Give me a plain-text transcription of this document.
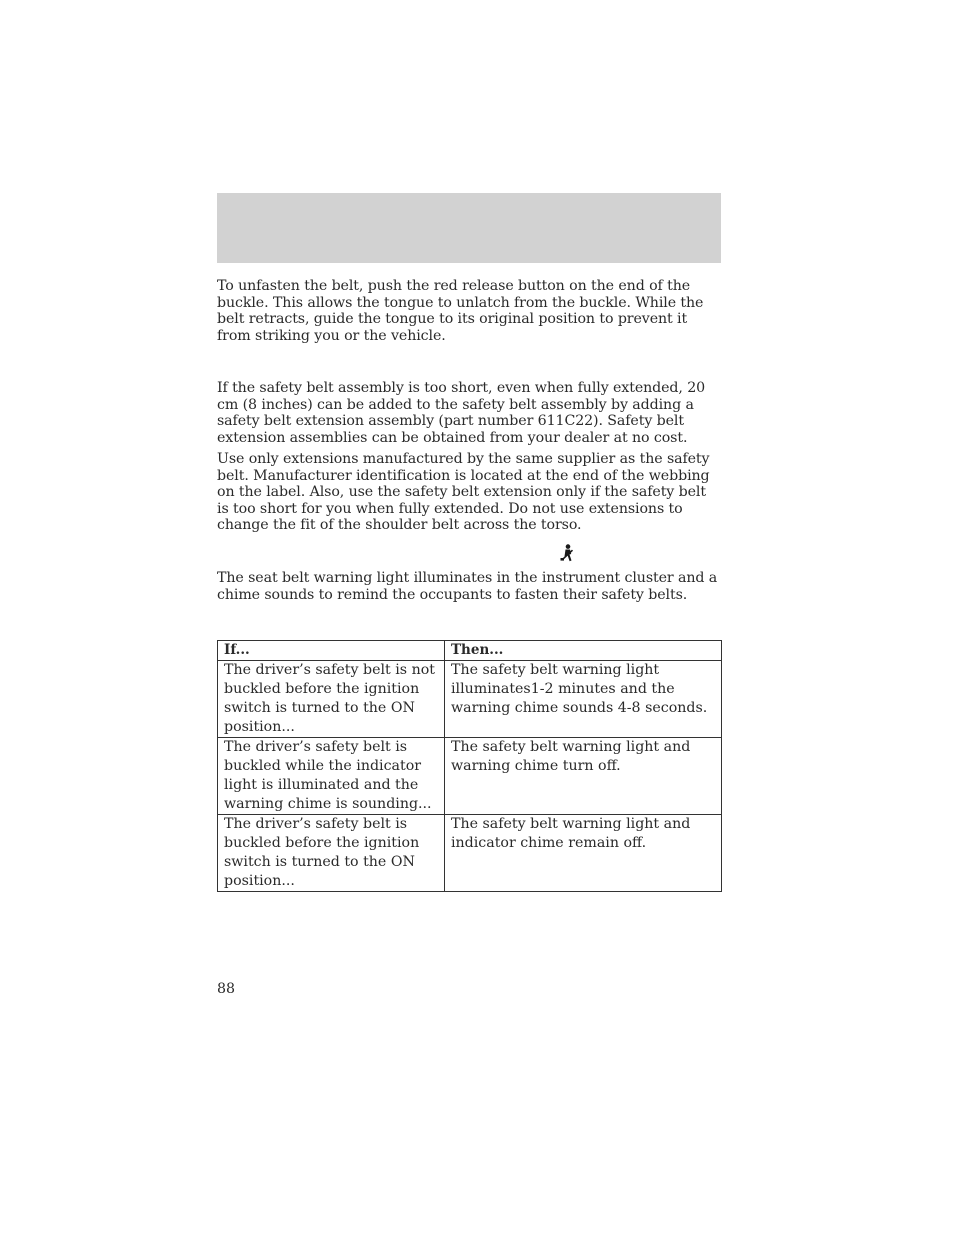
To unfasten the belt, push the red release button on the end of the buckle. This allows the tongue to unlatch from the buckle. While the belt retracts, guide the tongue to its original position to prevent it from striking you or the vehicle.

If the safety belt assembly is too short, even when fully extended, 20 cm (8 inches) can be added to the safety belt assembly by adding a safety belt extension assembly (part number 611C22). Safety belt extension assemblies can be obtained from your dealer at no cost.

Use only extensions manufactured by the same supplier as the safety belt. Manufacturer identification is located at the end of the webbing on the label. Also, use the safety belt extension only if the safety belt is too short for you when fully extended. Do not use extensions to change the fit of the shoulder belt across the torso.

The seat belt warning light illuminates in the instrument cluster and a chime sounds to remind the occupants to fasten their safety belts.

If...	Then...
The driver’s safety belt is not buckled before the ignition switch is turned to the ON position...	The safety belt warning light illuminates1-2 minutes and the warning chime sounds 4-8 seconds.
The driver’s safety belt is buckled while the indicator light is illuminated and the warning chime is sounding...	The safety belt warning light and warning chime turn off.
The driver’s safety belt is buckled before the ignition switch is turned to the ON position...	The safety belt warning light and indicator chime remain off.

88
